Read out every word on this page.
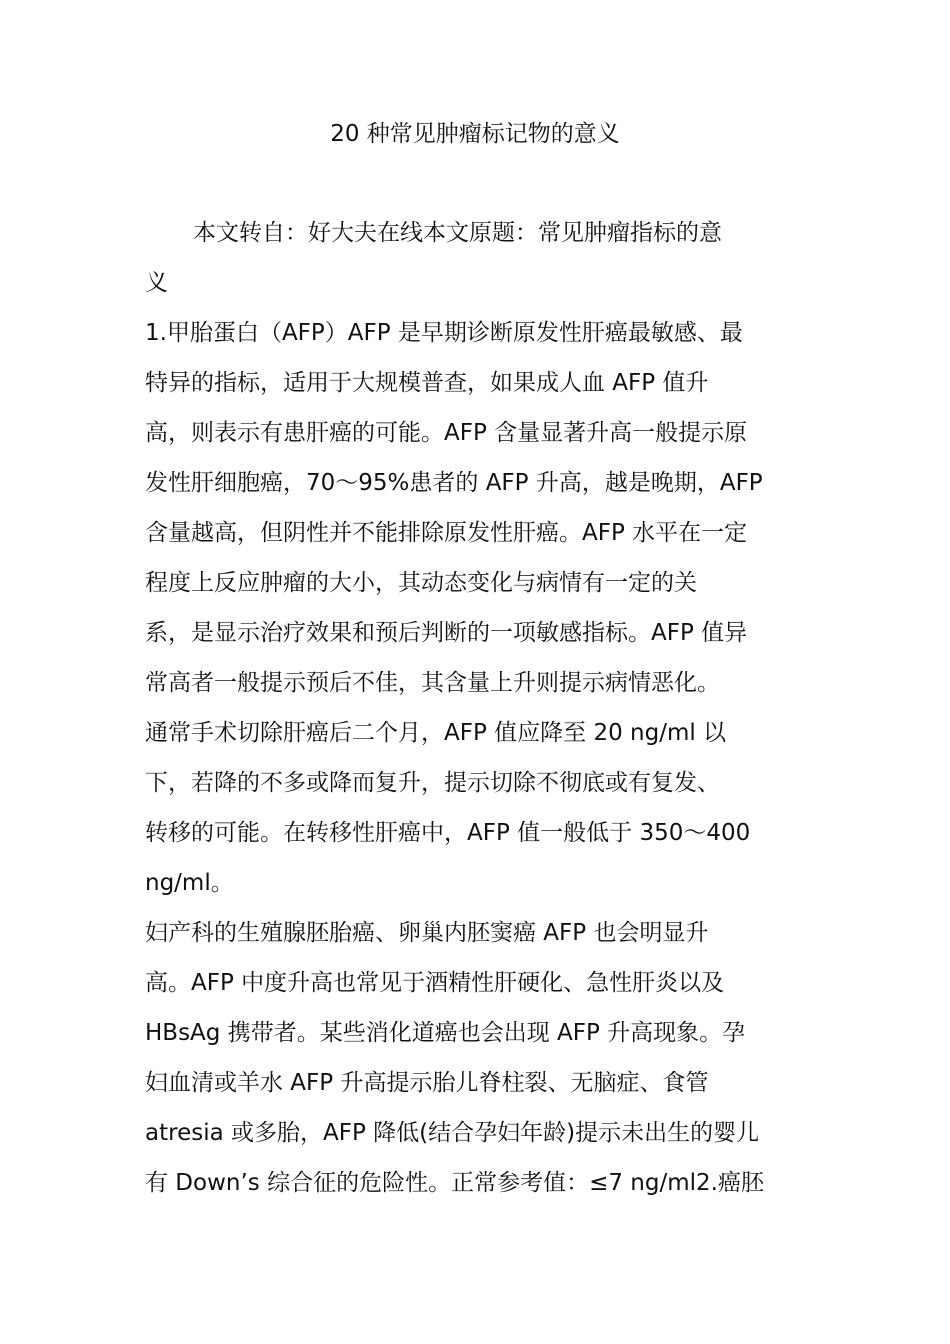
20 种常见肿瘤标记物的意义
本文转自：好大夫在线本文原题：常见肿瘤指标的意
义
1.甲胎蛋白（AFP）AFP 是早期诊断原发性肝癌最敏感、最
特异的指标，适用于大规模普查，如果成人血 AFP 值升
高，则表示有患肝癌的可能。AFP 含量显著升高一般提示原
发性肝细胞癌，70～95%患者的 AFP 升高，越是晚期，AFP
含量越高，但阴性并不能排除原发性肝癌。AFP 水平在一定
程度上反应肿瘤的大小，其动态变化与病情有一定的关
系，是显示治疗效果和预后判断的一项敏感指标。AFP 值异
常高者一般提示预后不佳，其含量上升则提示病情恶化。
通常手术切除肝癌后二个月，AFP 值应降至 20 ng/ml 以
下，若降的不多或降而复升，提示切除不彻底或有复发、
转移的可能。在转移性肝癌中，AFP 值一般低于 350～400
ng/ml。
妇产科的生殖腺胚胎癌、卵巢内胚窦癌 AFP 也会明显升
高。AFP 中度升高也常见于酒精性肝硬化、急性肝炎以及
HBsAg 携带者。某些消化道癌也会出现 AFP 升高现象。孕
妇血清或羊水 AFP 升高提示胎儿脊柱裂、无脑症、食管
atresia 或多胎，AFP 降低(结合孕妇年龄)提示未出生的婴儿
有 Down’s 综合征的危险性。正常参考值：≤7 ng/ml2.癌胚
